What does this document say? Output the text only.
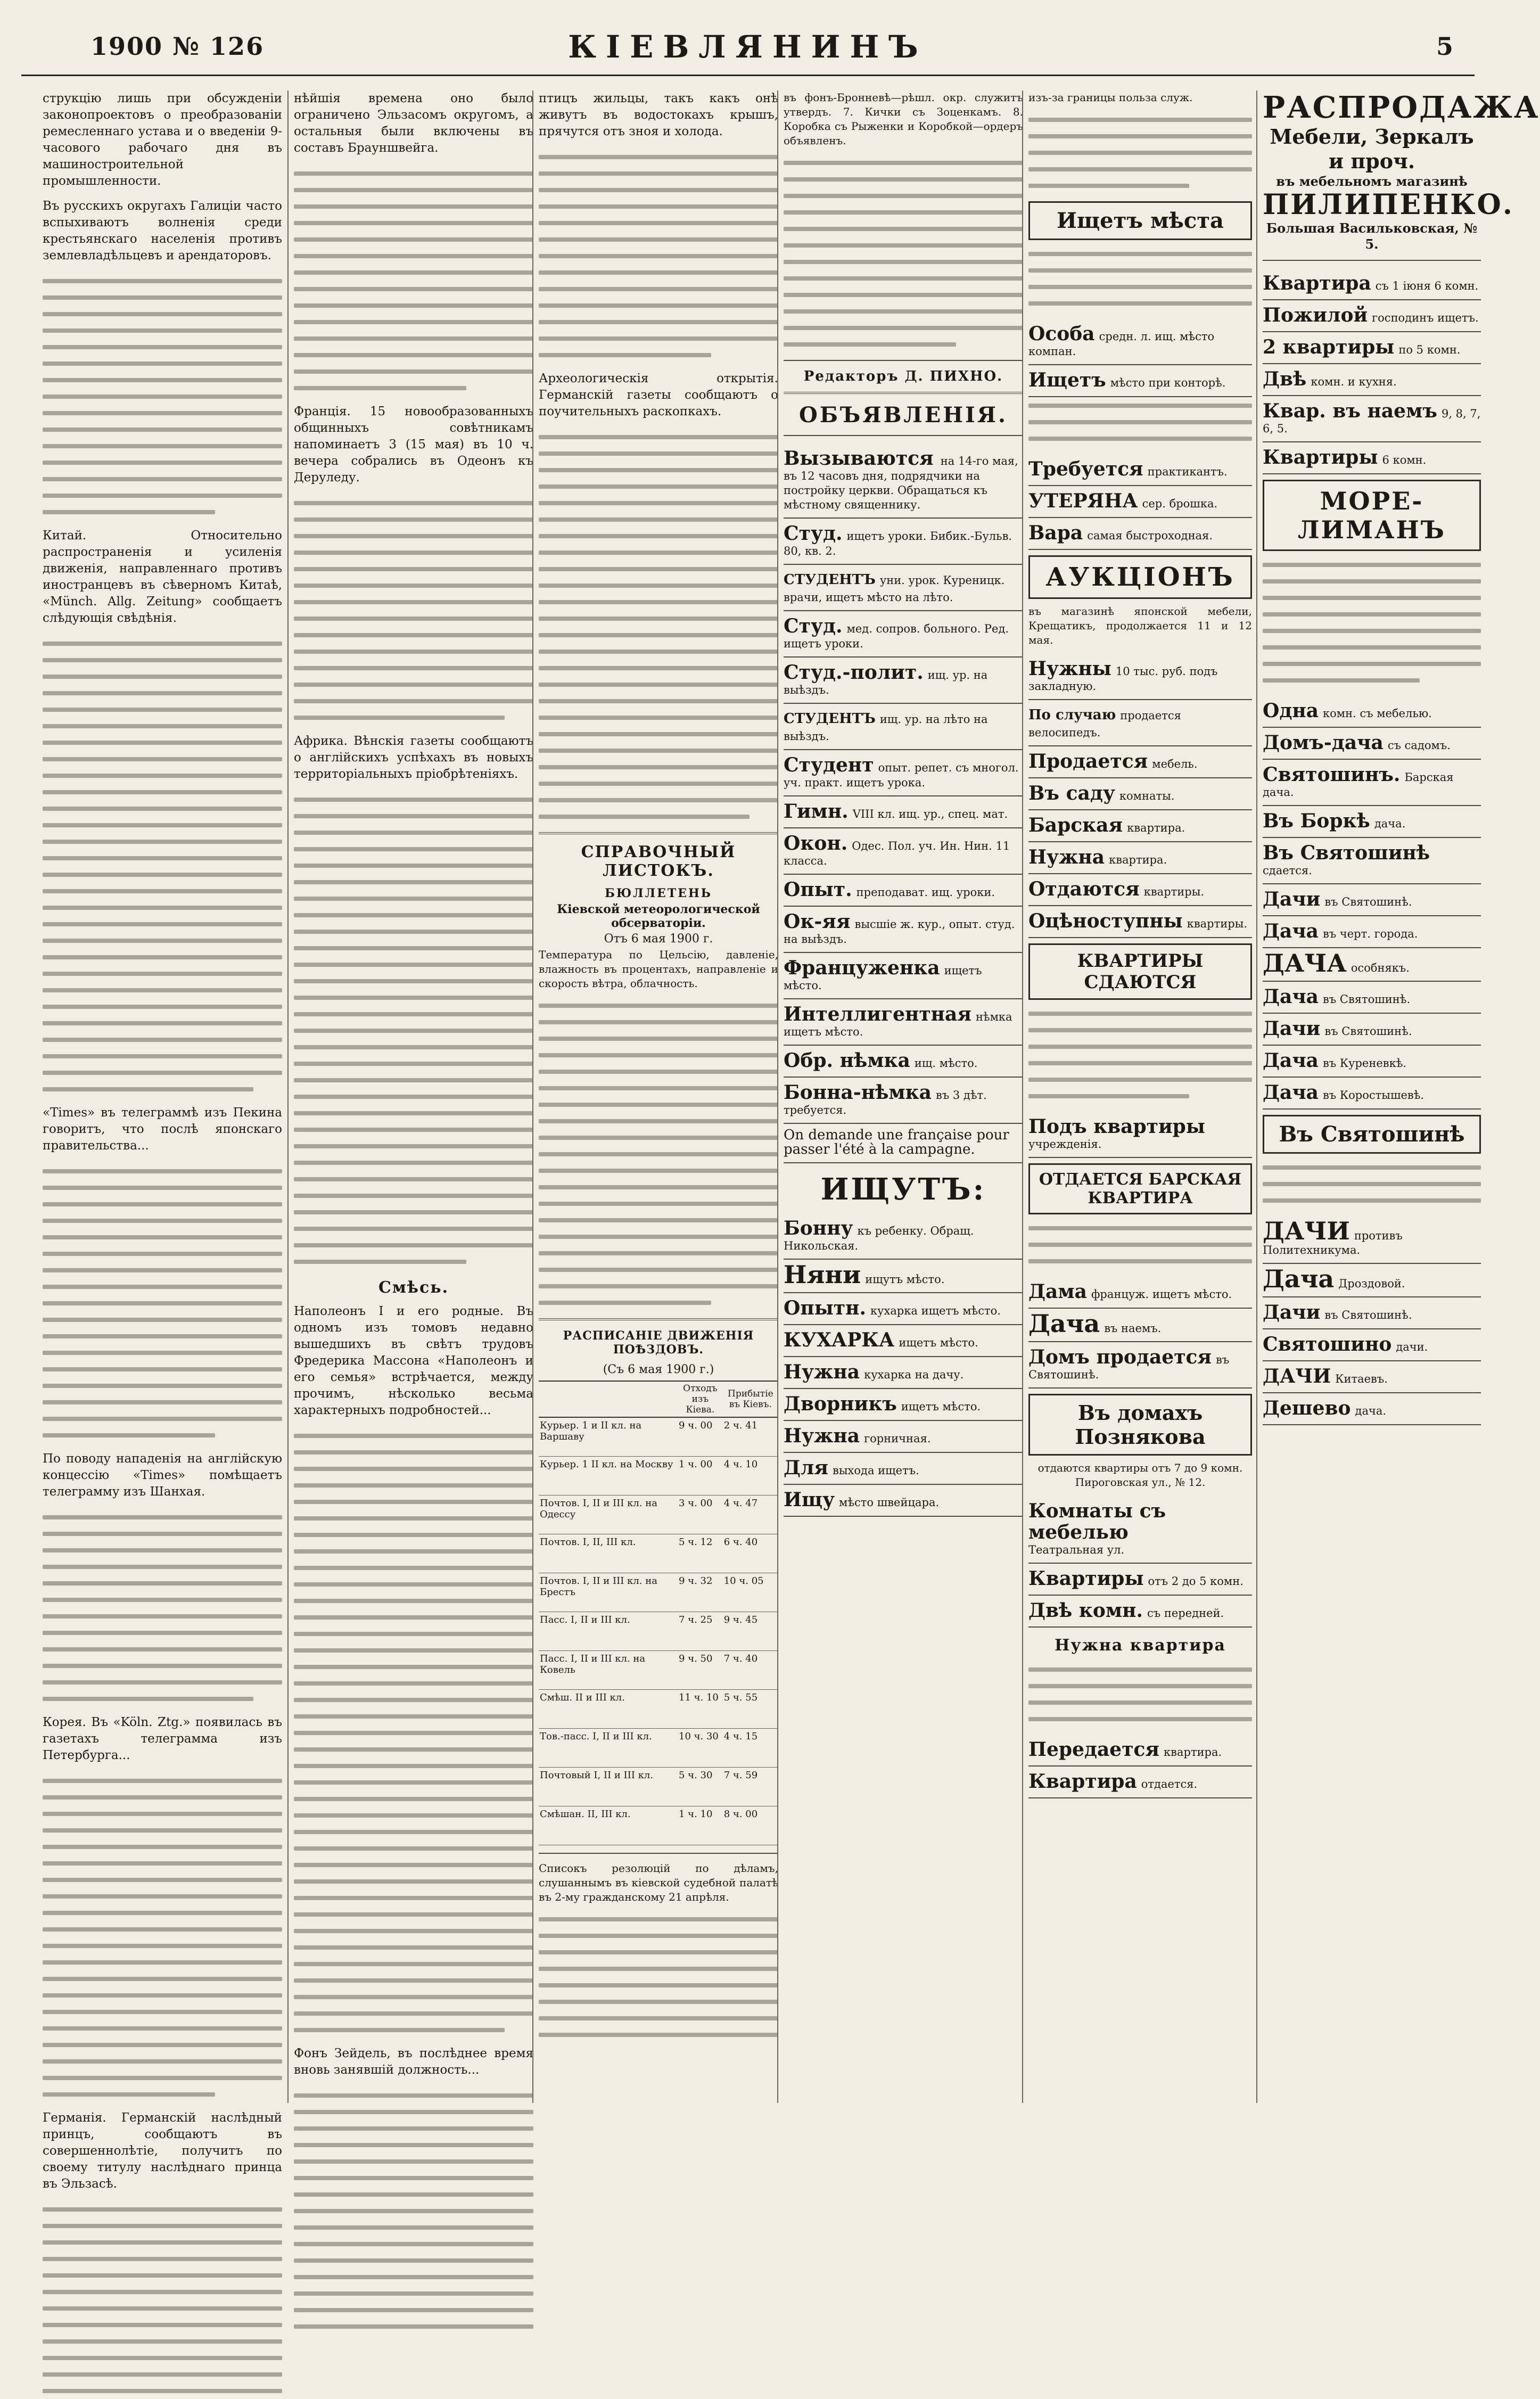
1900 № 126	КIЕВЛЯНИНЪ	5

струкцію лишь при обсужденіи законопроектовъ о преобразованіи ремесленнаго устава и о введеніи 9-часового рабочаго дня въ машиностроительной промышленности.

Въ русскихъ округахъ Галиціи часто вспыхиваютъ волненія среди крестьянскаго населенія противъ землевладѣльцевъ и арендаторовъ.

Китай. Относительно распространенія и усиленія движенія, направленнаго противъ иностранцевъ въ сѣверномъ Китаѣ, «Münch. Allg. Zeitung» сообщаетъ слѣдующія свѣдѣнія.

«Times» въ телеграммѣ изъ Пекина говоритъ, что послѣ японскаго правительства...

По поводу нападенія на англійскую концессію «Times» помѣщаетъ телеграмму изъ Шанхая.

Корея. Въ «Köln. Ztg.» появилась въ газетахъ телеграмма изъ Петербурга...

Германія. Германскій наслѣдный принцъ, сообщаютъ въ совершеннолѣтіе, получитъ по своему титулу наслѣднаго принца въ Эльзасѣ.

нѣйшія времена оно было ограничено Эльзасомъ округомъ, а остальныя были включены въ составъ Брауншвейга.

Франція. 15 новообразованныхъ общинныхъ совѣтникамъ напоминаетъ 3 (15 мая) въ 10 ч. вечера собрались въ Одеонъ къ Деруледу.

Африка. Вѣнскія газеты сообщаютъ о англійскихъ успѣхахъ въ новыхъ территоріальныхъ пріобрѣтеніяхъ.

Смѣсь.

Наполеонъ I и его родные. Въ одномъ изъ томовъ недавно вышедшихъ въ свѣтъ трудовъ Фредерика Массона «Наполеонъ и его семья» встрѣчается, между прочимъ, нѣсколько весьма характерныхъ подробностей...

Фонъ Зейдель, въ послѣднее время вновь занявшій должность...

птицъ жильцы, такъ какъ онѣ живутъ въ водостокахъ крышъ, прячутся отъ зноя и холода.

Археологическія открытія. Германскій газеты сообщаютъ о поучительныхъ раскопкахъ.

СПРАВОЧНЫЙ ЛИСТОКЪ.
БЮЛЛЕТЕНЬ
Кiевской метеорологической обсерваторiи.
Отъ 6 мая 1900 г.

Температура по Цельсію, давленіе, влажность въ процентахъ, направленіе и скорость вѣтра, облачность.

РАСПИСАНІЕ ДВИЖЕНІЯ ПОѢЗДОВЪ.
(Съ 6 мая 1900 г.)
	Отходъ изъ Кiева.	Прибытіе въ Кiевъ.
Курьер. 1 и II кл. на Варшаву	9 ч. 00	2 ч. 41
Курьер. 1 II кл. на Москву	1 ч. 00	4 ч. 10
Почтов. I, II и III кл. на Одессу	3 ч. 00	4 ч. 47
Почтов. I, II, III кл.	5 ч. 12	6 ч. 40
Почтов. I, II и III кл. на Брестъ	9 ч. 32	10 ч. 05
Пасс. I, II и III кл.	7 ч. 25	9 ч. 45
Пасс. I, II и III кл. на Ковель	9 ч. 50	7 ч. 40
Смѣш. II и III кл.	11 ч. 10	5 ч. 55
Тов.-пасс. I, II и III кл.	10 ч. 30	4 ч. 15
Почтовый I, II и III кл.	5 ч. 30	7 ч. 59
Смѣшан. II, III кл.	1 ч. 10	8 ч. 00

Списокъ резолюцій по дѣламъ, слушаннымъ въ кіевской судебной палатѣ въ 2-му гражданскому 21 апрѣля.

въ фонъ-Бронневѣ—рѣшл. окр. служитъ утвердъ. 7. Кички съ Зоценкамъ. 8. Коробка съ Рыженки и Коробкой—ордеръ объявленъ.

Редакторъ Д. ПИХНО.
ОБЪЯВЛЕНIЯ.
Вызываются на 14-го мая, въ 12 часовъ дня, подрядчики на постройку церкви. Обращаться къ мѣстному священнику.
Студ. ищетъ уроки. Бибик.-Бульв. 80, кв. 2.
СТУДЕНТЪ уни. урок. Куреницк. врачи, ищетъ мѣсто на лѣто.
Студ. мед. сопров. больного. Ред. ищетъ уроки.
Студ.-полит. ищ. ур. на выѣздъ.
СТУДЕНТЪ ищ. ур. на лѣто на выѣздъ.
Студент опыт. репет. съ многол. уч. практ. ищетъ урока.
Гимн. VIII кл. ищ. ур., спец. мат.
Окон. Одес. Пол. уч. Ин. Нин. 11 класса.
Опыт. преподават. ищ. уроки.
Ок-яя высшіе ж. кур., опыт. студ. на выѣздъ.
Француженка ищетъ мѣсто.
Интеллигентная нѣмка ищетъ мѣсто.
Обр. нѣмка ищ. мѣсто.
Бонна-нѣмка въ 3 дѣт. требуется.
On demande une française pour passer l'été à la campagne.
ИЩУТЪ:
Бонну къ ребенку. Обращ. Никольская.
Няни ищутъ мѣсто.
Опытн. кухарка ищетъ мѣсто.
КУХАРКА ищетъ мѣсто.
Нужна кухарка на дачу.
Дворникъ ищетъ мѣсто.
Нужна горничная.
Для выхода ищетъ.
Ищу мѣсто швейцара.

изъ-за границы польза служ.

Ищетъ мѣста
Особа средн. л. ищ. мѣсто компан.
Ищетъ мѣсто при конторѣ.
Требуется практикантъ.
УТЕРЯНА сер. брошка.
Вара самая быстроходная.
АУКЦIОНЪ

въ магазинѣ японской мебели, Крещатикъ, продолжается 11 и 12 мая.

Нужны 10 тыс. руб. подъ закладную.
По случаю продается велосипедъ.
Продается мебель.
Въ саду комнаты.
Барская квартира.
Нужна квартира.
Отдаются квартиры.
Оцѣноступны квартиры.
КВАРТИРЫ СДАЮТСЯ
Подъ квартирыучрежденія.
ОТДАЕТСЯ БАРСКАЯ КВАРТИРА
Дама француж. ищетъ мѣсто.
Дача въ наемъ.
Домъ продается въ Святошинѣ.
Въ домахъ Познякова

отдаются квартиры отъ 7 до 9 комн. Пироговская ул., № 12.

Комнаты съ мебельюТеатральная ул.
Квартиры отъ 2 до 5 комн.
Двѣ комн. съ передней.
Нужна квартира
Передается квартира.
Квартира отдается.
РАСПРОДАЖА
Мебели, Зеркалъ и проч.
въ мебельномъ магазинѣ
ПИЛИПЕНКО.
Большая Васильковская, № 5.
Квартира съ 1 іюня 6 комн.
Пожилой господинъ ищетъ.
2 квартиры по 5 комн.
Двѣ комн. и кухня.
Квар. въ наемъ 9, 8, 7, 6, 5.
Квартиры 6 комн.
МОРЕ-ЛИМАНЪ
Одна комн. съ мебелью.
Домъ-дача съ садомъ.
Святошинъ. Барская дача.
Въ Боркѣ дача.
Въ Святошинѣсдается.
Дачи въ Святошинѣ.
Дача въ черт. города.
ДАЧА особнякъ.
Дача въ Святошинѣ.
Дачи въ Святошинѣ.
Дача въ Куреневкѣ.
Дача въ Коростышевѣ.
Въ Святошинѣ
ДАЧИ противъ Политехникума.
Дача Дроздовой.
Дачи въ Святошинѣ.
Святошино дачи.
ДАЧИ Китаевъ.
Дешево дача.
